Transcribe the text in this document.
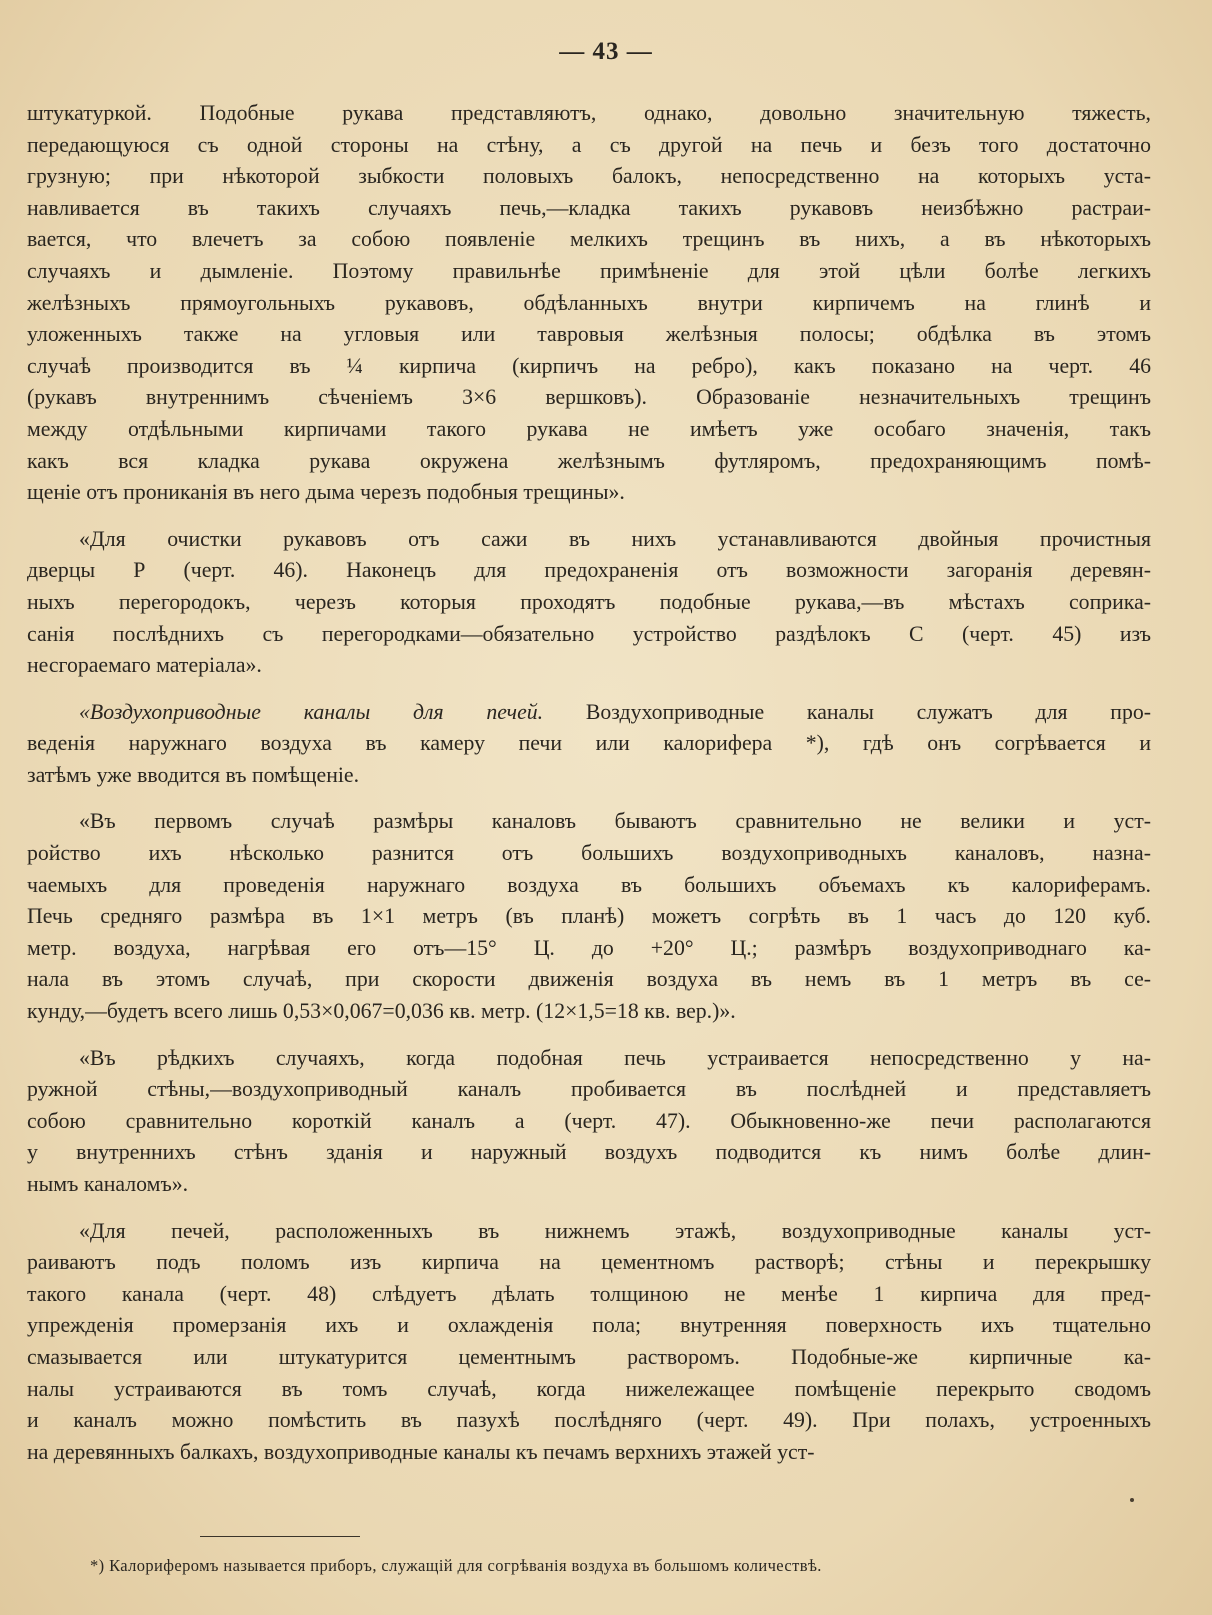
— 43 —
штукатуркой. Подобные рукава представляютъ, однако, довольно значительную тяжесть,
передающуюся съ одной стороны на стѣну, а съ другой на печь и безъ того достаточно
грузную; при нѣкоторой зыбкости половыхъ балокъ, непосредственно на которыхъ уста-
навливается въ такихъ случаяхъ печь,—кладка такихъ рукавовъ неизбѣжно растраи-
вается, что влечетъ за собою появленіе мелкихъ трещинъ въ нихъ, а въ нѣкоторыхъ
случаяхъ и дымленіе. Поэтому правильнѣе примѣненіе для этой цѣли болѣе легкихъ
желѣзныхъ прямоугольныхъ рукавовъ, обдѣланныхъ внутри кирпичемъ на глинѣ и
уложенныхъ также на угловыя или тавровыя желѣзныя полосы; обдѣлка въ этомъ
случаѣ производится въ ¼ кирпича (кирпичъ на ребро), какъ показано на черт. 46
(рукавъ внутреннимъ сѣченіемъ 3×6 вершковъ). Образованіе незначительныхъ трещинъ
между отдѣльными кирпичами такого рукава не имѣетъ уже особаго значенія, такъ
какъ вся кладка рукава окружена желѣзнымъ футляромъ, предохраняющимъ помѣ-
щеніе отъ прониканія въ него дыма черезъ подобныя трещины».
«Для очистки рукавовъ отъ сажи въ нихъ устанавливаются двойныя прочистныя
дверцы Р (черт. 46). Наконецъ для предохраненія отъ возможности загоранія деревян-
ныхъ перегородокъ, черезъ которыя проходятъ подобные рукава,—въ мѣстахъ соприка-
санія послѣднихъ съ перегородками—обязательно устройство раздѣлокъ С (черт. 45) изъ
несгораемаго матеріала».
«Воздухоприводные каналы для печей. Воздухоприводные каналы служатъ для про-
веденія наружнаго воздуха въ камеру печи или калорифера *), гдѣ онъ согрѣвается и
затѣмъ уже вводится въ помѣщеніе.
«Въ первомъ случаѣ размѣры каналовъ бываютъ сравнительно не велики и уст-
ройство ихъ нѣсколько разнится отъ большихъ воздухоприводныхъ каналовъ, назна-
чаемыхъ для проведенія наружнаго воздуха въ большихъ объемахъ къ калориферамъ.
Печь средняго размѣра въ 1×1 метръ (въ планѣ) можетъ согрѣть въ 1 часъ до 120 куб.
метр. воздуха, нагрѣвая его отъ—15° Ц. до +20° Ц.; размѣръ воздухоприводнаго ка-
нала въ этомъ случаѣ, при скорости движенія воздуха въ немъ въ 1 метръ въ се-
кунду,—будетъ всего лишь 0,53×0,067=0,036 кв. метр. (12×1,5=18 кв. вер.)».
«Въ рѣдкихъ случаяхъ, когда подобная печь устраивается непосредственно у на-
ружной стѣны,—воздухоприводный каналъ пробивается въ послѣдней и представляетъ
собою сравнительно короткій каналъ а (черт. 47). Обыкновенно-же печи располагаются
у внутреннихъ стѣнъ зданія и наружный воздухъ подводится къ нимъ болѣе длин-
нымъ каналомъ».
«Для печей, расположенныхъ въ нижнемъ этажѣ, воздухоприводные каналы уст-
раиваютъ подъ поломъ изъ кирпича на цементномъ растворѣ; стѣны и перекрышку
такого канала (черт. 48) слѣдуетъ дѣлать толщиною не менѣе 1 кирпича для пред-
упрежденія промерзанія ихъ и охлажденія пола; внутренняя поверхность ихъ тщательно
смазывается или штукатурится цементнымъ растворомъ. Подобные-же кирпичные ка-
налы устраиваются въ томъ случаѣ, когда нижележащее помѣщеніе перекрыто сводомъ
и каналъ можно помѣстить въ пазухѣ послѣдняго (черт. 49). При полахъ, устроенныхъ
на деревянныхъ балкахъ, воздухоприводные каналы къ печамъ верхнихъ этажей уст-
*) Калориферомъ называется приборъ, служащій для согрѣванія воздуха въ большомъ количествѣ.
